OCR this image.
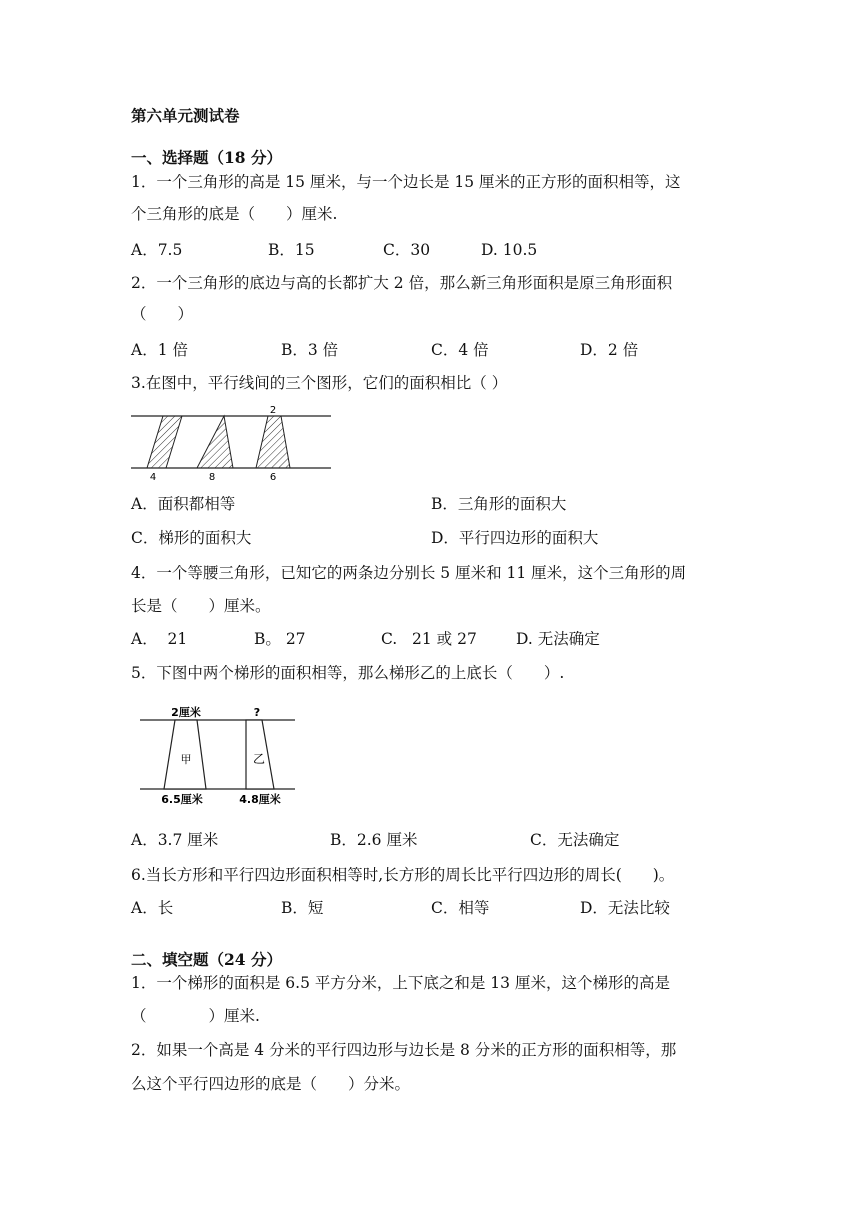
第六单元测试卷
一、选择题（18 分）
1．一个三角形的高是 15 厘米，与一个边长是 15 厘米的正方形的面积相等，这
个三角形的底是（　　）厘米.
A．7.5	B．15	C．30	D. 10.5
2．一个三角形的底边与高的长都扩大 2 倍，那么新三角形面积是原三角形面积
（　　）
A．1 倍	B．3 倍	C．4 倍	D．2 倍
3.在图中，平行线间的三个图形，它们的面积相比（ ）
2
4	8	6
A．面积都相等	B．三角形的面积大
C．梯形的面积大	D．平行四边形的面积大
4．一个等腰三角形，已知它的两条边分别长 5 厘米和 11 厘米，这个三角形的周
长是（　　）厘米。
A．  21	B。 27	C.   21 或 27	D. 无法确定
5．下图中两个梯形的面积相等，那么梯形乙的上底长（　　）.
2厘米	?
甲	乙
6.5厘米	4.8厘米
A．3.7 厘米	B．2.6 厘米	C．无法确定
6.当长方形和平行四边形面积相等时,长方形的周长比平行四边形的周长(　　)。
A．长	B．短	C．相等	D．无法比较
二、填空题（24 分）
1．一个梯形的面积是 6.5 平方分米，上下底之和是 13 厘米，这个梯形的高是
（　　　　）厘米.
2．如果一个高是 4 分米的平行四边形与边长是 8 分米的正方形的面积相等，那
么这个平行四边形的底是（　　）分米。
